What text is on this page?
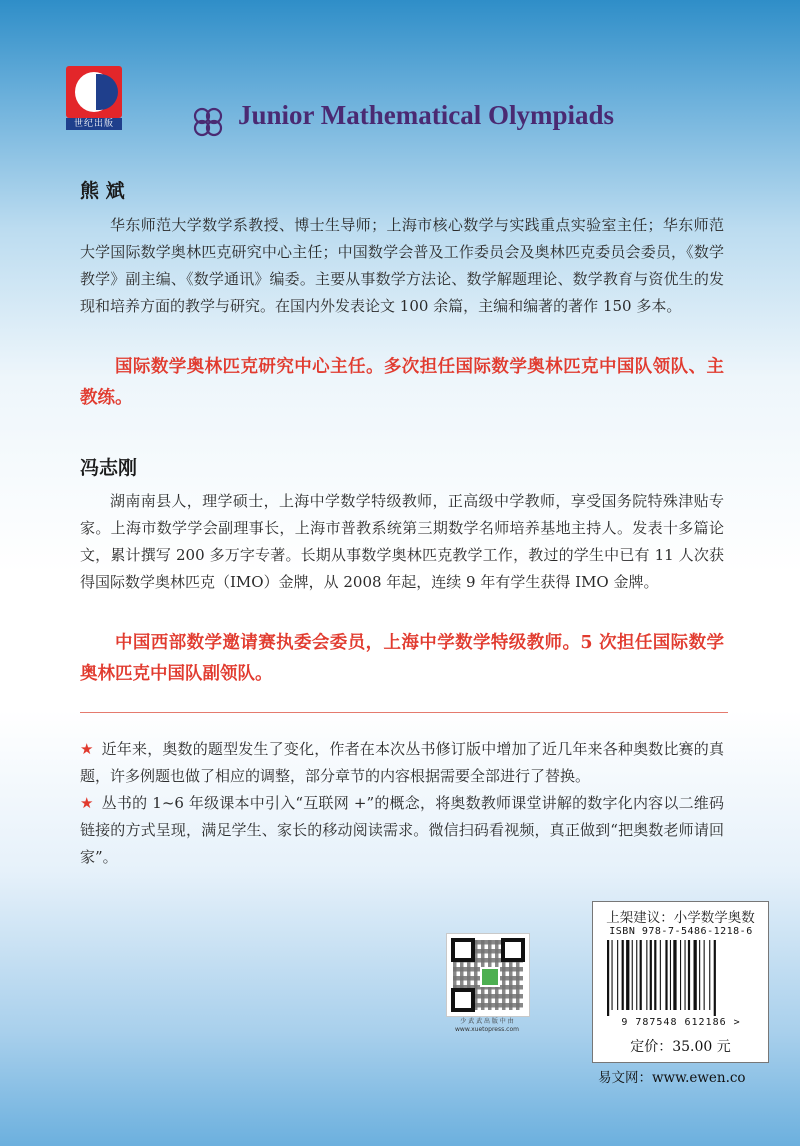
世纪出版	Junior Mathematical Olympiads
熊 斌
华东师范大学数学系教授、博士生导师；上海市核心数学与实践重点实验室主任；华东师范大学国际数学奥林匹克研究中心主任；中国数学会普及工作委员会及奥林匹克委员会委员，《数学教学》副主编、《数学通讯》编委。主要从事数学方法论、数学解题理论、数学教育与资优生的发现和培养方面的教学与研究。在国内外发表论文 100 余篇，主编和编著的著作 150 多本。
国际数学奥林匹克研究中心主任。多次担任国际数学奥林匹克中国队领队、主教练。
冯志刚
湖南南县人，理学硕士，上海中学数学特级教师，正高级中学教师，享受国务院特殊津贴专家。上海市数学学会副理事长，上海市普教系统第三期数学名师培养基地主持人。发表十多篇论文，累计撰写 200 多万字专著。长期从事数学奥林匹克教学工作，教过的学生中已有 11 人次获得国际数学奥林匹克（IMO）金牌，从 2008 年起，连续 9 年有学生获得 IMO 金牌。
中国西部数学邀请赛执委会委员，上海中学数学特级教师。5 次担任国际数学奥林匹克中国队副领队。
★ 近年来，奥数的题型发生了变化，作者在本次丛书修订版中增加了近几年来各种奥数比赛的真题，许多例题也做了相应的调整，部分章节的内容根据需要全部进行了替换。
★ 丛书的 1~6 年级课本中引入“互联网 +”的概念，将奥数教师课堂讲解的数字化内容以二维码链接的方式呈现，满足学生、家长的移动阅读需求。微信扫码看视频，真正做到“把奥数老师请回家”。
少 武 武 出 版 中 由
www.xuetopress.com
上架建议：小学数学奥数
ISBN 978-7-5486-1218-6
9 787548 612186 >
定价：35.00 元
易文网：www.ewen.co
